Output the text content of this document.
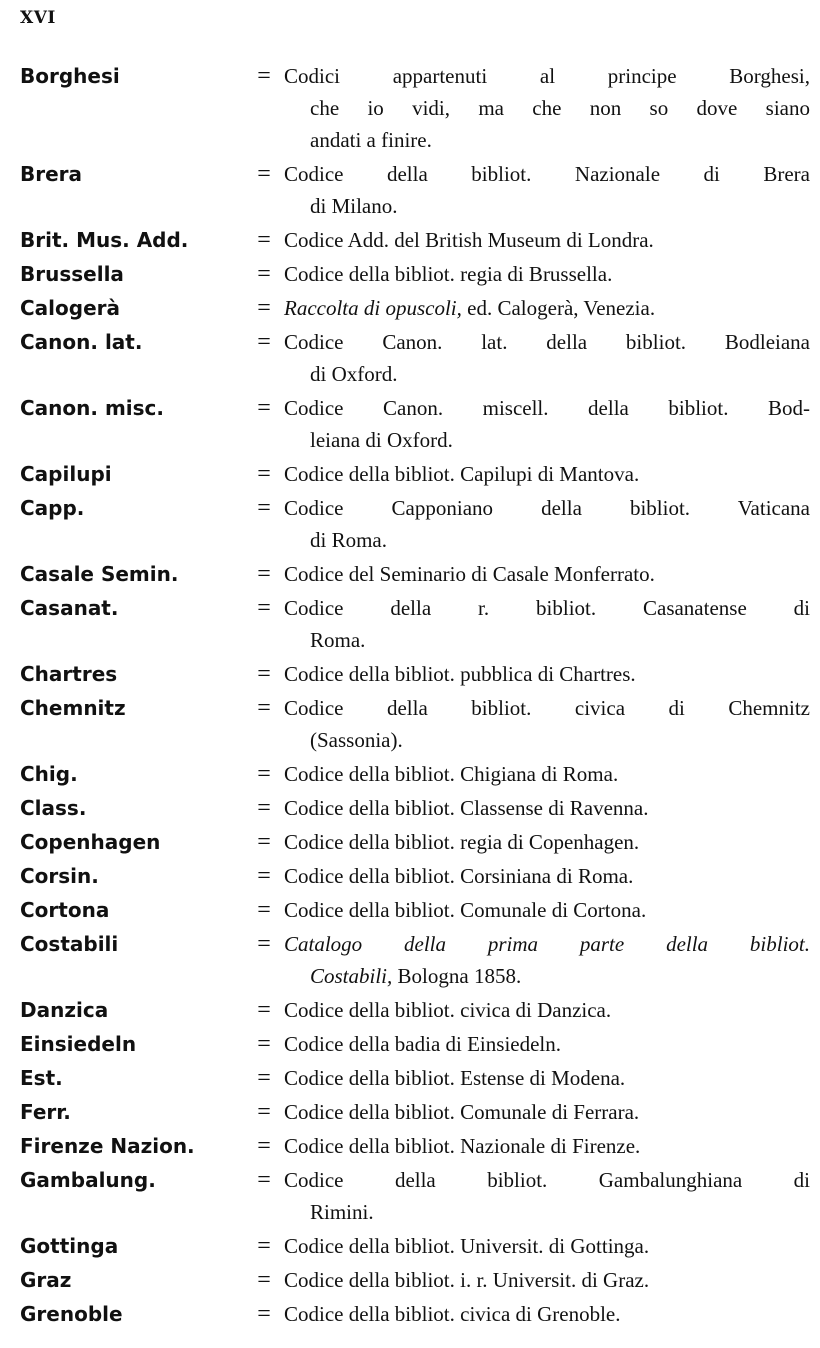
XVI
Borghesi	= Codici appartenuti al principe Borghesi,
che io vidi, ma che non so dove siano
andati a finire.
Brera	= Codice della bibliot. Nazionale di Brera
di Milano.
Brit. Mus. Add.	= Codice Add. del British Museum di Londra.
Brussella	= Codice della bibliot. regia di Brussella.
Calogerà	= Raccolta di opuscoli, ed. Calogerà, Venezia.
Canon. lat.	= Codice Canon. lat. della bibliot. Bodleiana
di Oxford.
Canon. misc.	= Codice Canon. miscell. della bibliot. Bod-
leiana di Oxford.
Capilupi	= Codice della bibliot. Capilupi di Mantova.
Capp.	= Codice Capponiano della bibliot. Vaticana
di Roma.
Casale Semin.	= Codice del Seminario di Casale Monferrato.
Casanat.	= Codice della r. bibliot. Casanatense di
Roma.
Chartres	= Codice della bibliot. pubblica di Chartres.
Chemnitz	= Codice della bibliot. civica di Chemnitz
(Sassonia).
Chig.	= Codice della bibliot. Chigiana di Roma.
Class.	= Codice della bibliot. Classense di Ravenna.
Copenhagen	= Codice della bibliot. regia di Copenhagen.
Corsin.	= Codice della bibliot. Corsiniana di Roma.
Cortona	= Codice della bibliot. Comunale di Cortona.
Costabili	= Catalogo della prima parte della bibliot.
Costabili, Bologna 1858.
Danzica	= Codice della bibliot. civica di Danzica.
Einsiedeln	= Codice della badia di Einsiedeln.
Est.	= Codice della bibliot. Estense di Modena.
Ferr.	= Codice della bibliot. Comunale di Ferrara.
Firenze Nazion.	= Codice della bibliot. Nazionale di Firenze.
Gambalung.	= Codice della bibliot. Gambalunghiana di
Rimini.
Gottinga	= Codice della bibliot. Universit. di Gottinga.
Graz	= Codice della bibliot. i. r. Universit. di Graz.
Grenoble	= Codice della bibliot. civica di Grenoble.
